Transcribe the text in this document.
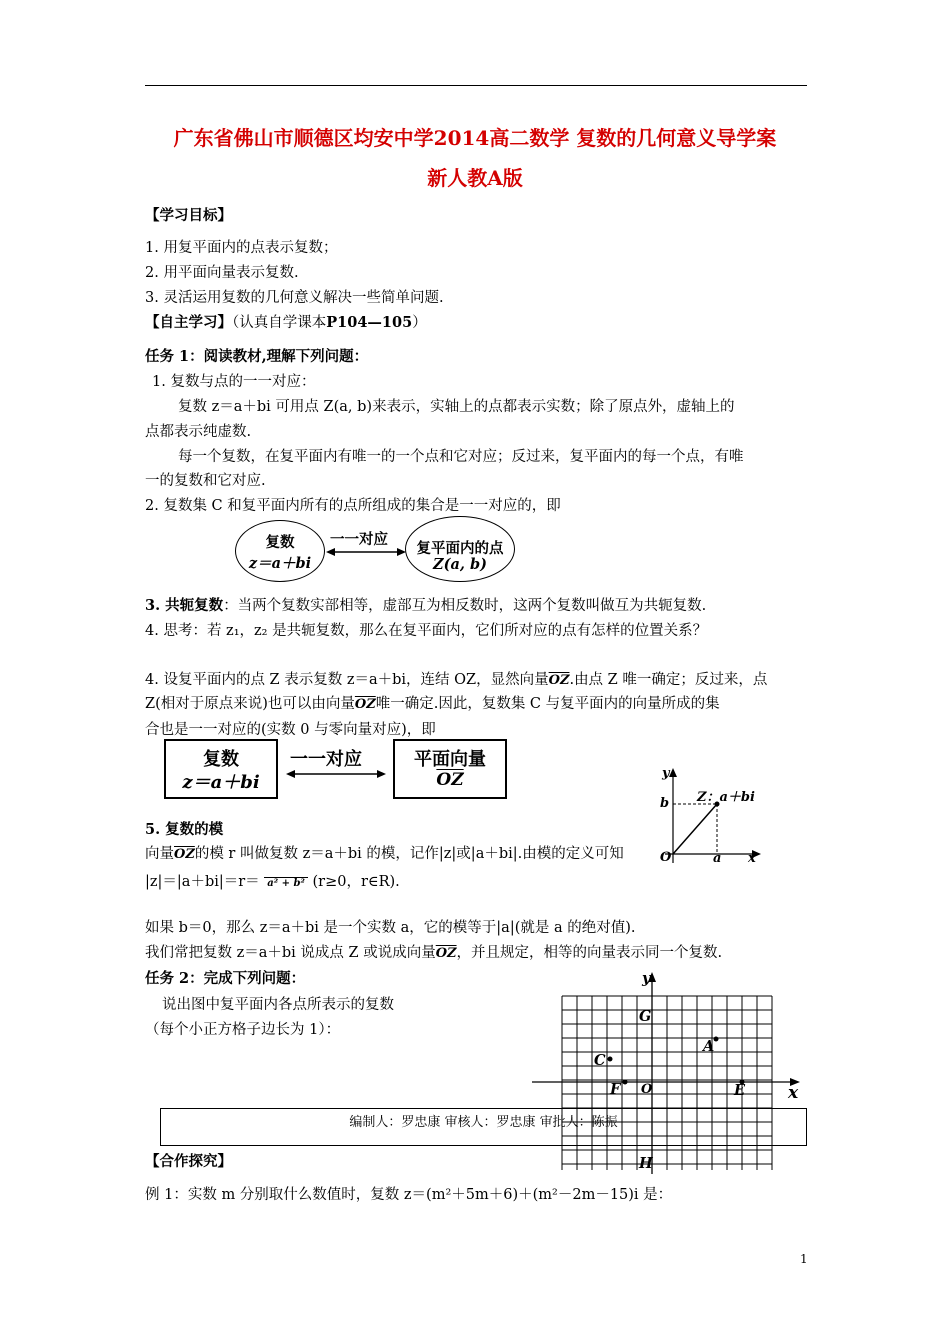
广东省佛山市顺德区均安中学2014高二数学 复数的几何意义导学案
新人教A版
【学习目标】
1. 用复平面内的点表示复数；
2. 用平面向量表示复数.
3. 灵活运用复数的几何意义解决一些简单问题.
【自主学习】（认真自学课本P104—105）
任务 1：阅读教材,理解下列问题：
1. 复数与点的一一对应：
复数 z＝a＋bi 可用点 Z(a, b)来表示，实轴上的点都表示实数；除了原点外，虚轴上的
点都表示纯虚数.
每一个复数，在复平面内有唯一的一个点和它对应；反过来，复平面内的每一个点，有唯
一的复数和它对应.
2. 复数集 C 和复平面内所有的点所组成的集合是一一对应的，即
复数
z＝a＋bi
一一对应
复平面内的点
Z(a, b)
3. 共轭复数：当两个复数实部相等，虚部互为相反数时，这两个复数叫做互为共轭复数.
4. 思考：若 z₁，z₂ 是共轭复数，那么在复平面内，它们所对应的点有怎样的位置关系？
4. 设复平面内的点 Z 表示复数 z＝a＋bi，连结 OZ，显然向量$\overline{OZ}$.由点 Z 唯一确定；反过来，点
Z(相对于原点来说)也可以由向量$\overline{OZ}$唯一确定.因此，复数集 C 与复平面内的向量所成的集
合也是一一对应的(实数 0 与零向量对应)，即
复数
z＝a＋bi
一一对应	平面向量
$\overline{OZ}$	y
b Z：a＋bi
O	a x
5. 复数的模
向量$\overline{OZ}$的模 r 叫做复数 z＝a＋bi 的模，记作|z|或|a＋bi|.由模的定义可知
|z|＝|a＋bi|＝r＝ a² + b² (r≥0，r∈R).
如果 b＝0，那么 z＝a＋bi 是一个实数 a，它的模等于|a|(就是 a 的绝对值).
我们常把复数 z＝a＋bi 说成点 Z 或说成向量$\overline{OZ}$，并且规定，相等的向量表示同一个复数.
任务 2：完成下列问题：
说出图中复平面内各点所表示的复数
（每个小正方格子边长为 1）：
y
x
G
A
C
F O	E
H
编制人：罗忠康 审核人：罗忠康 审批人：陈振
【合作探究】
例 1：实数 m 分别取什么数值时，复数 z＝(m²＋5m＋6)＋(m²－2m－15)i 是：
1
